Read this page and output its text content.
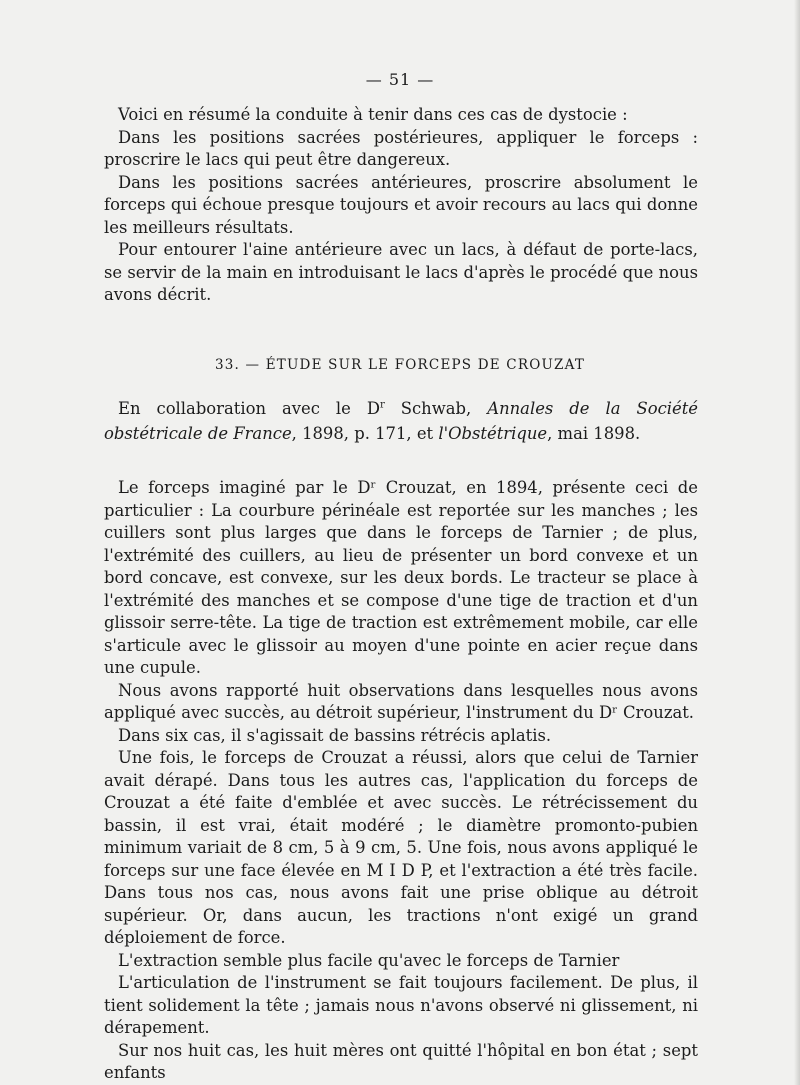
— 51 —

Voici en résumé la conduite à tenir dans ces cas de dystocie :

Dans les positions sacrées postérieures, appliquer le forceps : proscrire le lacs qui peut être dangereux.

Dans les positions sacrées antérieures, proscrire absolument le forceps qui échoue presque toujours et avoir recours au lacs qui donne les meilleurs résultats.

Pour entourer l'aine antérieure avec un lacs, à défaut de porte-lacs, se servir de la main en introduisant le lacs d'après le procédé que nous avons décrit.

33. — ÉTUDE SUR LE FORCEPS DE CROUZAT

En collaboration avec le $D^r$ Schwab, Annales de la Société obstétricale de France, 1898, p. 171, et l'Obstétrique, mai 1898.

Le forceps imaginé par le Dʳ Crouzat, en 1894, présente ceci de particulier : La courbure périnéale est reportée sur les manches ; les cuillers sont plus larges que dans le forceps de Tarnier ; de plus, l'extrémité des cuillers, au lieu de présenter un bord convexe et un bord concave, est convexe, sur les deux bords. Le tracteur se place à l'extrémité des manches et se compose d'une tige de traction et d'un glissoir serre-tête. La tige de traction est extrêmement mobile, car elle s'articule avec le glissoir au moyen d'une pointe en acier reçue dans une cupule.

Nous avons rapporté huit observations dans lesquelles nous avons appliqué avec succès, au détroit supérieur, l'instrument du Dʳ Crouzat.

Dans six cas, il s'agissait de bassins rétrécis aplatis.

Une fois, le forceps de Crouzat a réussi, alors que celui de Tarnier avait dérapé. Dans tous les autres cas, l'application du forceps de Crouzat a été faite d'emblée et avec succès. Le rétrécissement du bassin, il est vrai, était modéré ; le diamètre promonto-pubien minimum variait de 8 cm, 5 à 9 cm, 5. Une fois, nous avons appliqué le forceps sur une face élevée en M I D P, et l'extraction a été très facile. Dans tous nos cas, nous avons fait une prise oblique au détroit supérieur. Or, dans aucun, les tractions n'ont exigé un grand déploiement de force.

L'extraction semble plus facile qu'avec le forceps de Tarnier

L'articulation de l'instrument se fait toujours facilement. De plus, il tient solidement la tête ; jamais nous n'avons observé ni glissement, ni dérapement.

Sur nos huit cas, les huit mères ont quitté l'hôpital en bon état ; sept enfants
